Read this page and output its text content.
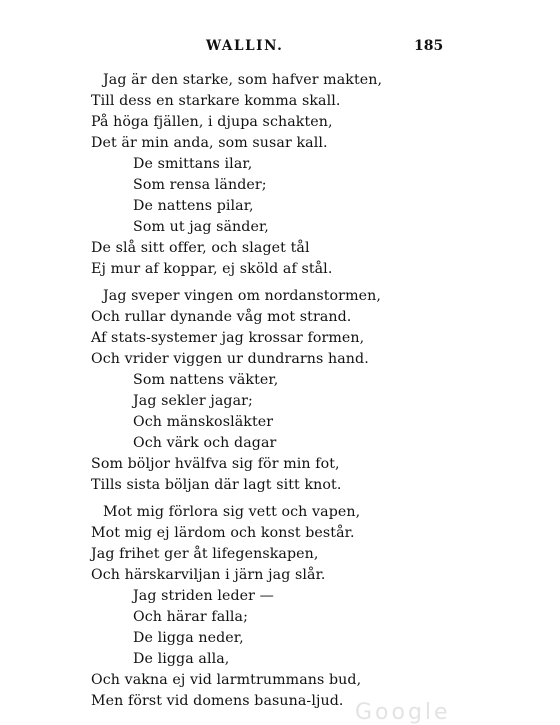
WALLIN.	185
Jag är den starke, som hafver makten,
Till dess en starkare komma skall.
På höga fjällen, i djupa schakten,
Det är min anda, som susar kall.
De smittans ilar,
Som rensa länder;
De nattens pilar,
Som ut jag sänder,
De slå sitt offer, och slaget tål
Ej mur af koppar, ej sköld af stål.
Jag sveper vingen om nordanstormen,
Och rullar dynande våg mot strand.
Af stats-systemer jag krossar formen,
Och vrider viggen ur dundrarns hand.
Som nattens väkter,
Jag sekler jagar;
Och mänskosläkter
Och värk och dagar
Som böljor hvälfva sig för min fot,
Tills sista böljan där lagt sitt knot.
Mot mig förlora sig vett och vapen,
Mot mig ej lärdom och konst består.
Jag frihet ger åt lifegenskapen,
Och härskarviljan i järn jag slår.
Jag striden leder —
Och härar falla;
De ligga neder,
De ligga alla,
Och vakna ej vid larmtrummans bud,
Men först vid domens basuna-ljud. Google
